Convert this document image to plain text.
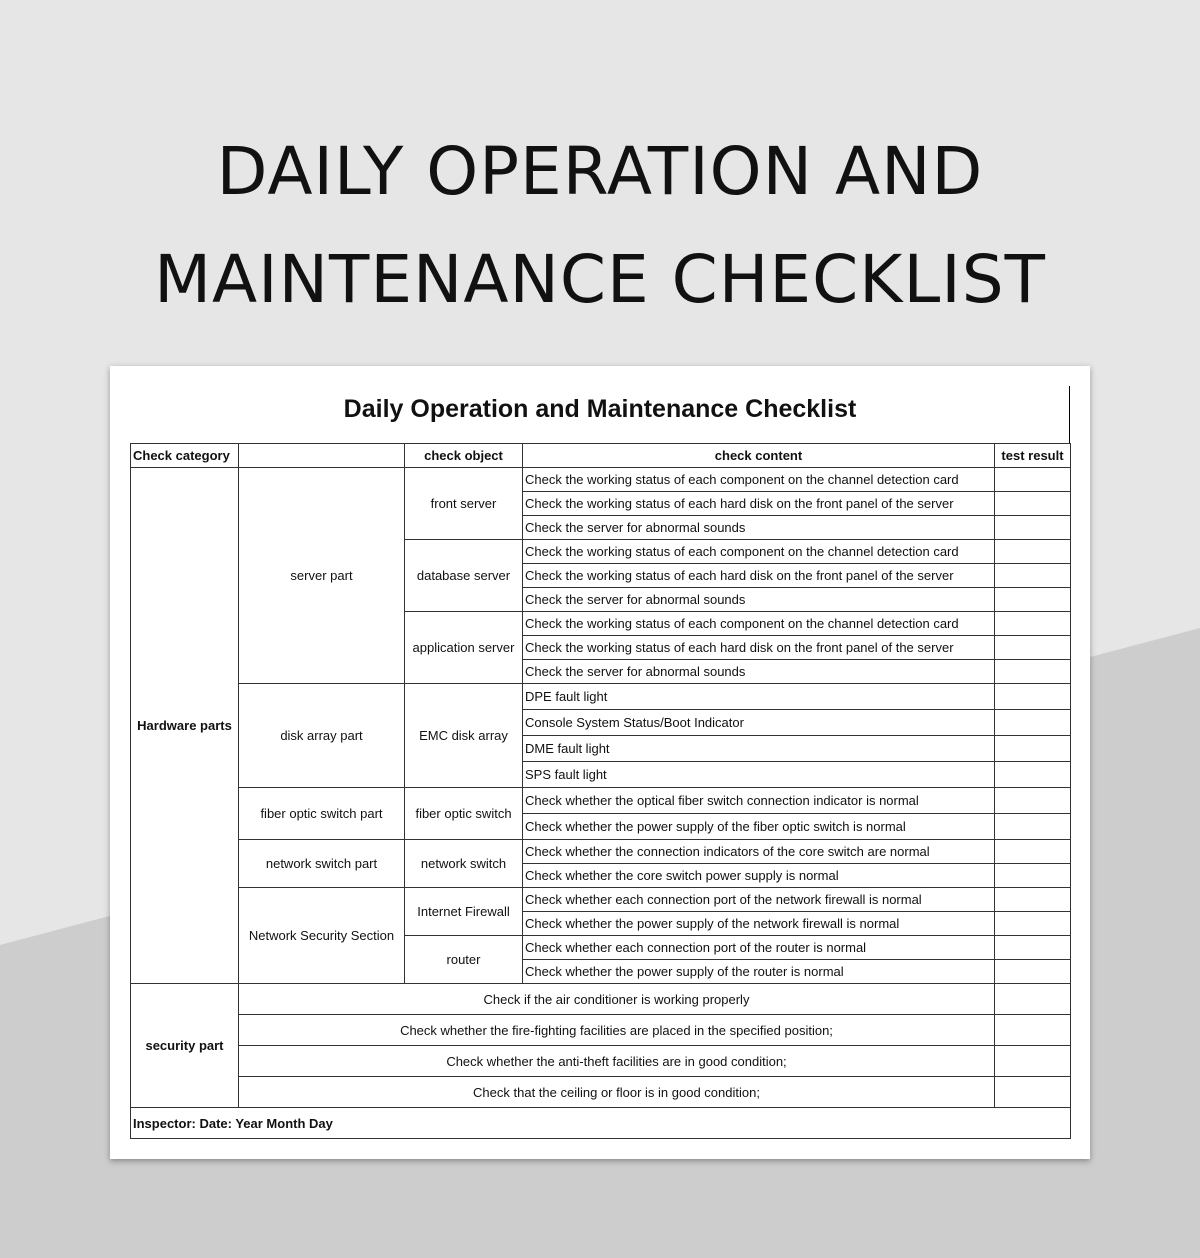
DAILY OPERATION AND
MAINTENANCE CHECKLIST
Daily Operation and Maintenance Checklist
Check category		check object	check content	test result
Hardware parts	server part	front server	Check the working status of each component on the channel detection card	
			Check the working status of each hard disk on the front panel of the server	
			Check the server for abnormal sounds	
		database server	Check the working status of each component on the channel detection card	
			Check the working status of each hard disk on the front panel of the server	
			Check the server for abnormal sounds	
		application server	Check the working status of each component on the channel detection card	
			Check the working status of each hard disk on the front panel of the server	
			Check the server for abnormal sounds	
	disk array part	EMC disk array	DPE fault light	
			Console System Status/Boot Indicator	
			DME fault light	
			SPS fault light	
	fiber optic switch part	fiber optic switch	Check whether the optical fiber switch connection indicator is normal	
			Check whether the power supply of the fiber optic switch is normal	
	network switch part	network switch	Check whether the connection indicators of the core switch are normal	
			Check whether the core switch power supply is normal	
	Network Security Section	Internet Firewall	Check whether each connection port of the network firewall is normal	
			Check whether the power supply of the network firewall is normal	
		router	Check whether each connection port of the router is normal	
			Check whether the power supply of the router is normal	
security part	Check if the air conditioner is working properly			
	Check whether the fire-fighting facilities are placed in the specified position;			
	Check whether the anti-theft facilities are in good condition;			
	Check that the ceiling or floor is in good condition;			
Inspector: Date: Year Month Day				
